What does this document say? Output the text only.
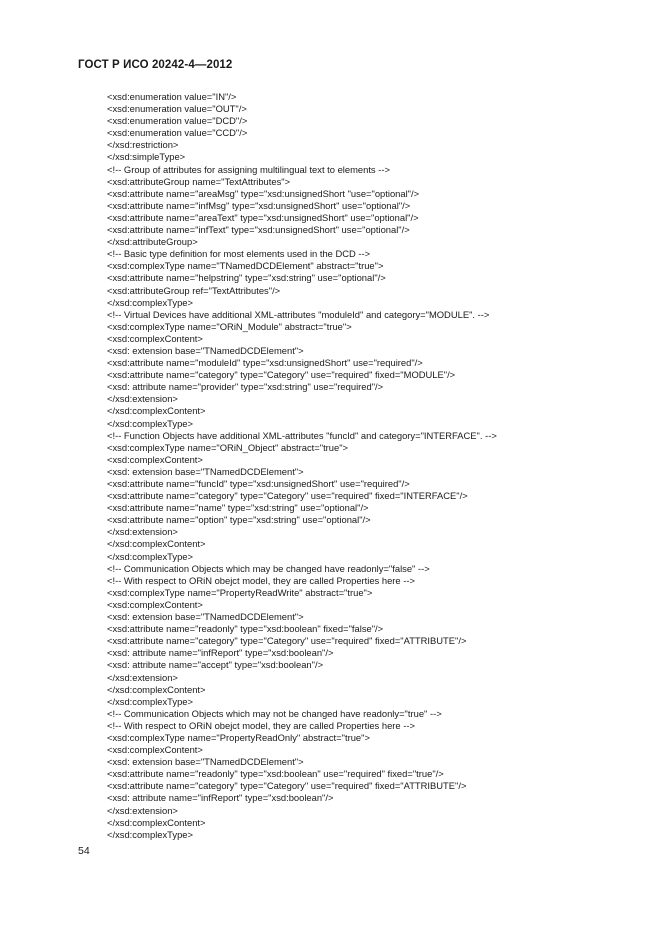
ГОСТ Р ИСО 20242-4—2012
<xsd:enumeration value="IN"/>
<xsd:enumeration value="OUT"/>
<xsd:enumeration value="DCD"/>
<xsd:enumeration value="CCD"/>
</xsd:restriction>
</xsd:simpleType>
<!-- Group of attributes for assigning multilingual text to elements -->
<xsd:attributeGroup name="TextAttributes">
<xsd:attribute name="areaMsg" type="xsd:unsignedShort "use="optional"/>
<xsd:attribute name="infMsg" type="xsd:unsignedShort" use="optional"/>
<xsd:attribute name="areaText" type="xsd:unsignedShort" use="optional"/>
<xsd:attribute name="infText" type="xsd:unsignedShort" use="optional"/>
</xsd:attributeGroup>
<!-- Basic type definition for most elements used in the DCD -->
<xsd:complexType name="TNamedDCDElement" abstract="true">
<xsd:attribute name="helpstring" type="xsd:string" use="optional"/>
<xsd:attributeGroup ref="TextAttributes"/>
</xsd:complexType>
<!-- Virtual Devices have additional XML-attributes "moduleId" and category="MODULE". -->
<xsd:complexType name="ORiN_Module" abstract="true">
<xsd:complexContent>
<xsd: extension base="TNamedDCDElement">
<xsd:attribute name="moduleId" type="xsd:unsignedShort" use="required"/>
<xsd:attribute name="category" type="Category" use="required" fixed="MODULE"/>
<xsd: attribute name="provider" type="xsd:string" use="required"/>
</xsd:extension>
</xsd:complexContent>
</xsd:complexType>
<!-- Function Objects have additional XML-attributes "funcId" and category="INTERFACE". -->
<xsd:complexType name="ORiN_Object" abstract="true">
<xsd:complexContent>
<xsd: extension base="TNamedDCDElement">
<xsd:attribute name="funcId" type="xsd:unsignedShort" use="required"/>
<xsd:attribute name="category" type="Category" use="required" fixed="INTERFACE"/>
<xsd:attribute name="name" type="xsd:string" use="optional"/>
<xsd:attribute name="option" type="xsd:string" use="optional"/>
</xsd:extension>
</xsd:complexContent>
</xsd:complexType>
<!-- Communication Objects which may be changed have readonly="false" -->
<!-- With respect to ORiN obejct model, they are called Properties here -->
<xsd:complexType name="PropertyReadWrite" abstract="true">
<xsd:complexContent>
<xsd: extension base="TNamedDCDElement">
<xsd:attribute name="readonly" type="xsd:boolean" fixed="false"/>
<xsd:attribute name="category" type="Category" use="required" fixed="ATTRIBUTE"/>
<xsd: attribute name="infReport" type="xsd:boolean"/>
<xsd: attribute name="accept" type="xsd:boolean"/>
</xsd:extension>
</xsd:complexContent>
</xsd:complexType>
<!-- Communication Objects which may not be changed have readonly="true" -->
<!-- With respect to ORiN obejct model, they are called Properties here -->
<xsd:complexType name="PropertyReadOnly" abstract="true">
<xsd:complexContent>
<xsd: extension base="TNamedDCDElement">
<xsd:attribute name="readonly" type="xsd:boolean" use="required" fixed="true"/>
<xsd:attribute name="category" type="Category" use="required" fixed="ATTRIBUTE"/>
<xsd: attribute name="infReport" type="xsd:boolean"/>
</xsd:extension>
</xsd:complexContent>
</xsd:complexType>
54
